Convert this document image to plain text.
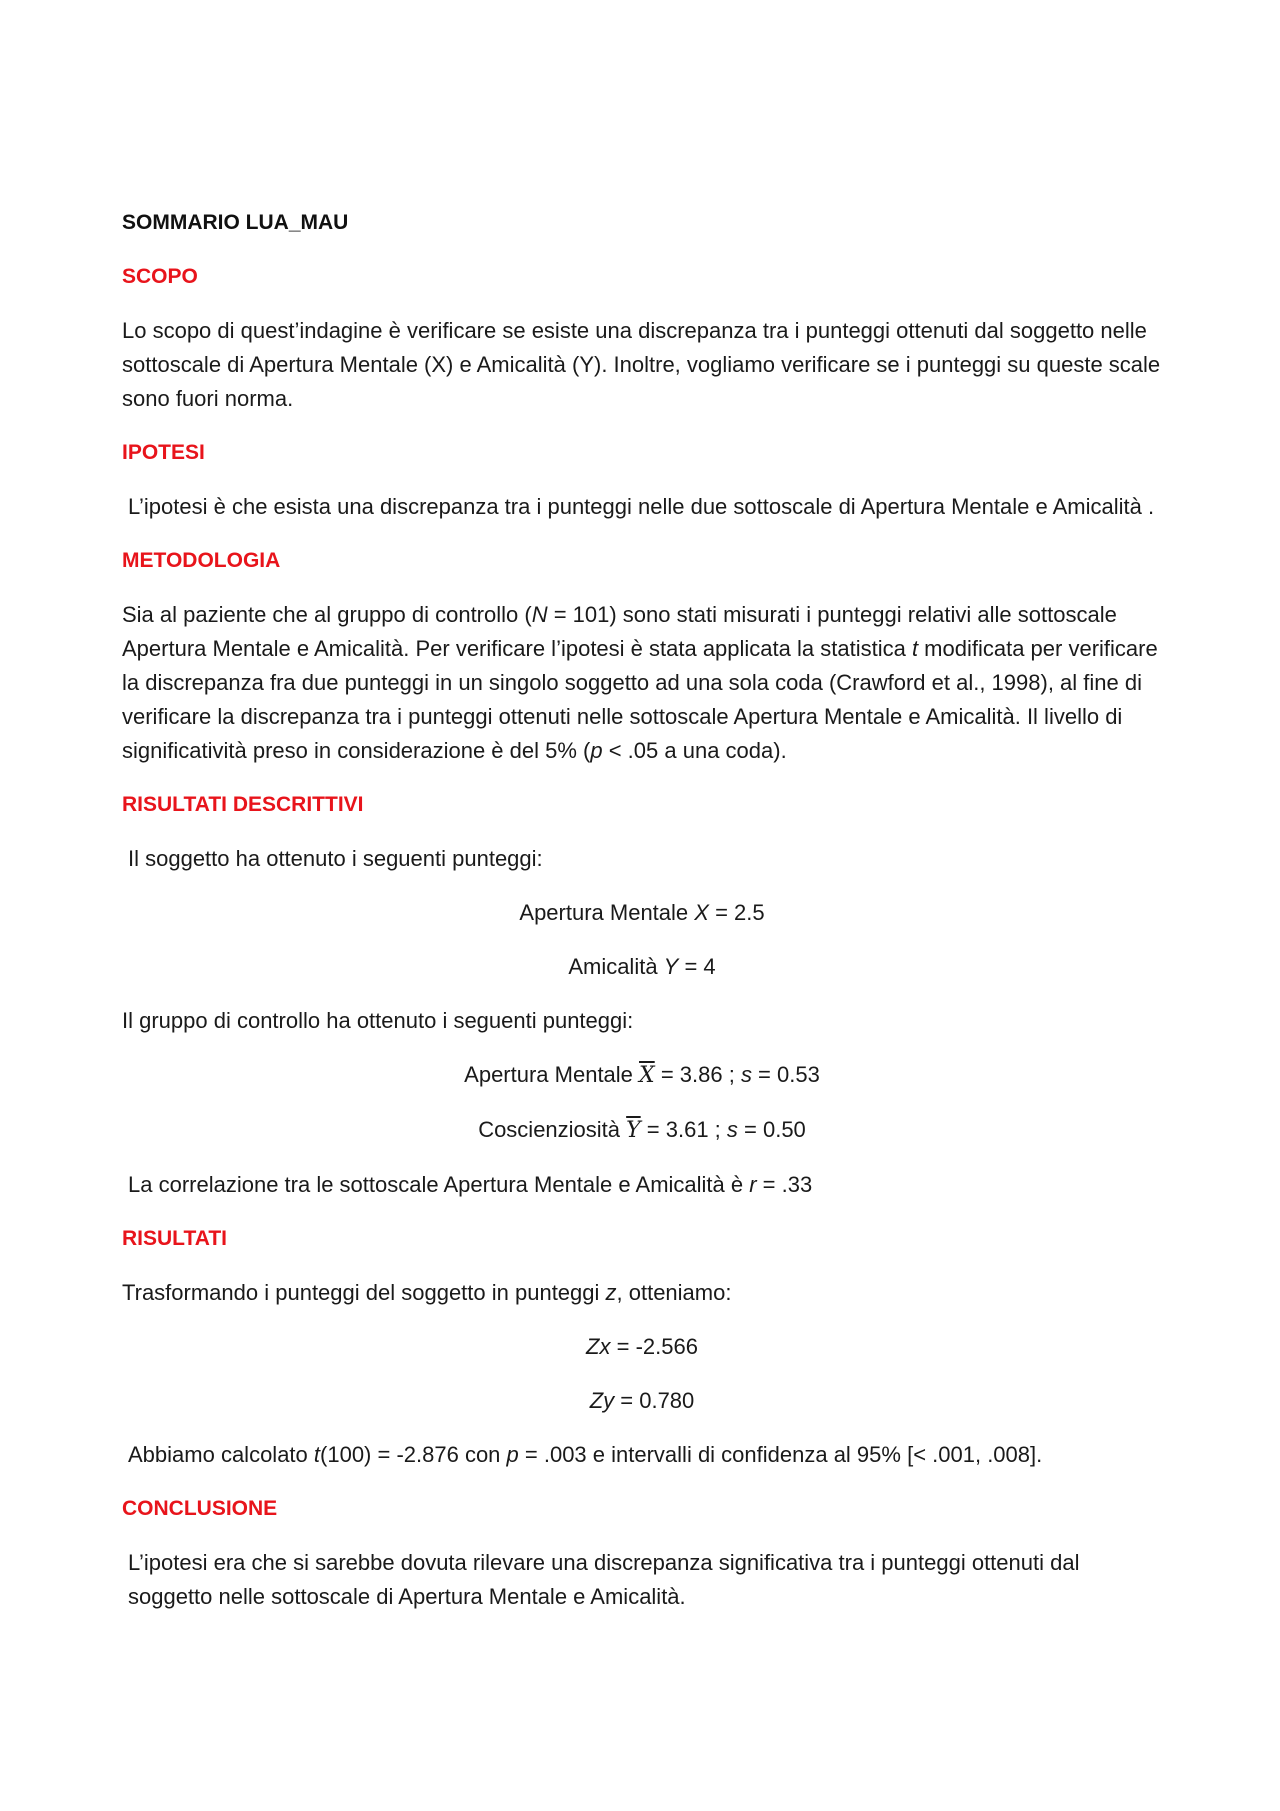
SOMMARIO LUA_MAU

SCOPO

Lo scopo di quest’indagine è verificare se esiste una discrepanza tra i punteggi ottenuti dal soggetto nelle sottoscale di Apertura Mentale (X) e Amicalità (Y). Inoltre, vogliamo verificare se i punteggi su queste scale sono fuori norma.

IPOTESI

L’ipotesi è che esista una discrepanza tra i punteggi nelle due sottoscale di Apertura Mentale e Amicalità .

METODOLOGIA

Sia al paziente che al gruppo di controllo (N = 101) sono stati misurati i punteggi relativi alle sottoscale Apertura Mentale e Amicalità. Per verificare l’ipotesi è stata applicata la statistica t modificata per verificare la discrepanza fra due punteggi in un singolo soggetto ad una sola coda (Crawford et al., 1998), al fine di verificare la discrepanza tra i punteggi ottenuti nelle sottoscale Apertura Mentale e Amicalità. Il livello di significatività preso in considerazione è del 5% (p < .05 a una coda).

RISULTATI DESCRITTIVI

Il soggetto ha ottenuto i seguenti punteggi:

Apertura Mentale X = 2.5

Amicalità Y = 4

Il gruppo di controllo ha ottenuto i seguenti punteggi:

Apertura Mentale $\overline{X} = 3.86$ ; s = 0.53

Coscienziosità $\overline{Y} = 3.61$ ; s = 0.50

La correlazione tra le sottoscale Apertura Mentale e Amicalità è r = .33

RISULTATI

Trasformando i punteggi del soggetto in punteggi z, otteniamo:

Zx = -2.566

Zy = 0.780

Abbiamo calcolato t(100) = -2.876 con p = .003 e intervalli di confidenza al 95% [< .001, .008].

CONCLUSIONE

L’ipotesi era che si sarebbe dovuta rilevare una discrepanza significativa tra i punteggi ottenuti dal soggetto nelle sottoscale di Apertura Mentale e Amicalità.
